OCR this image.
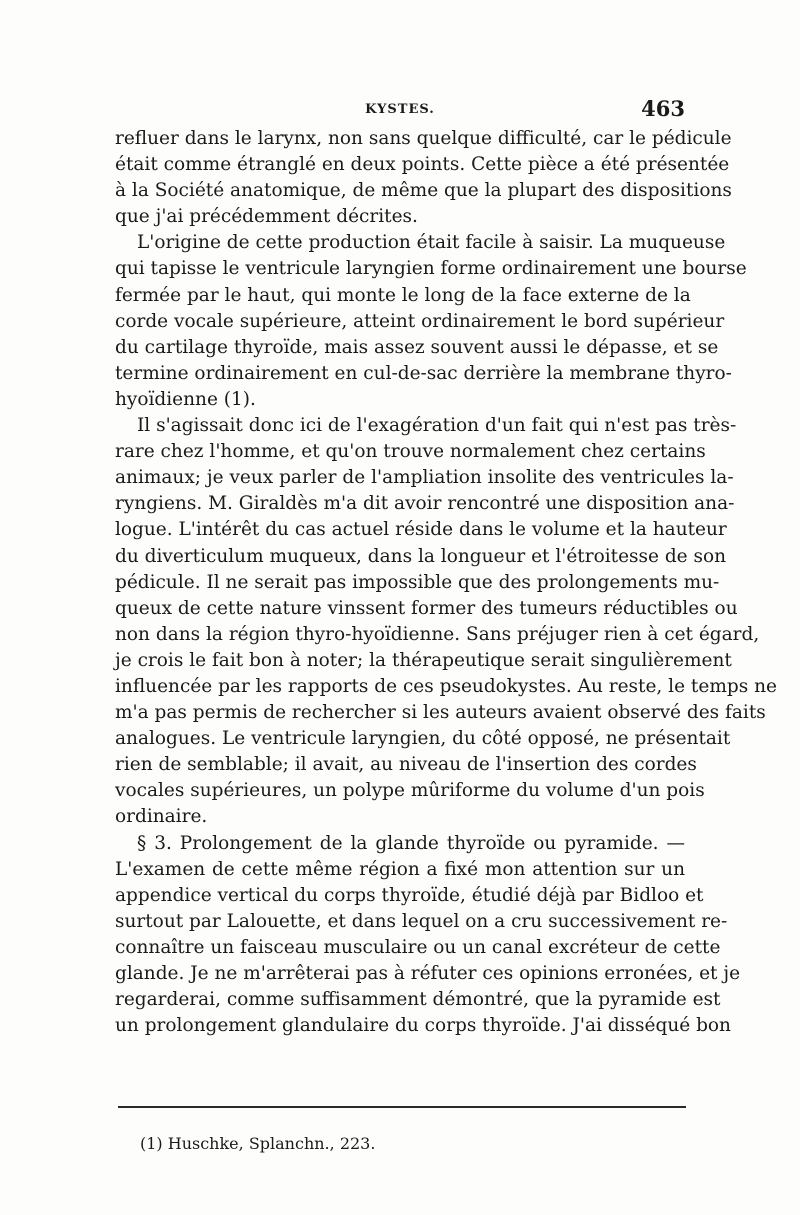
KYSTES.	463
refluer dans le larynx, non sans quelque difficulté, car le pédicule
était comme étranglé en deux points. Cette pièce a été présentée
à la Société anatomique, de même que la plupart des dispositions
que j'ai précédemment décrites.
L'origine de cette production était facile à saisir. La muqueuse
qui tapisse le ventricule laryngien forme ordinairement une bourse
fermée par le haut, qui monte le long de la face externe de la
corde vocale supérieure, atteint ordinairement le bord supérieur
du cartilage thyroïde, mais assez souvent aussi le dépasse, et se
termine ordinairement en cul-de-sac derrière la membrane thyro-
hyoïdienne (1).
Il s'agissait donc ici de l'exagération d'un fait qui n'est pas très-
rare chez l'homme, et qu'on trouve normalement chez certains
animaux; je veux parler de l'ampliation insolite des ventricules la-
ryngiens. M. Giraldès m'a dit avoir rencontré une disposition ana-
logue. L'intérêt du cas actuel réside dans le volume et la hauteur
du diverticulum muqueux, dans la longueur et l'étroitesse de son
pédicule. Il ne serait pas impossible que des prolongements mu-
queux de cette nature vinssent former des tumeurs réductibles ou
non dans la région thyro-hyoïdienne. Sans préjuger rien à cet égard,
je crois le fait bon à noter; la thérapeutique serait singulièrement
influencée par les rapports de ces pseudokystes. Au reste, le temps ne
m'a pas permis de rechercher si les auteurs avaient observé des faits
analogues. Le ventricule laryngien, du côté opposé, ne présentait
rien de semblable; il avait, au niveau de l'insertion des cordes
vocales supérieures, un polype mûriforme du volume d'un pois
ordinaire.
§ 3. Prolongement de la glande thyroïde ou pyramide. —
L'examen de cette même région a fixé mon attention sur un
appendice vertical du corps thyroïde, étudié déjà par Bidloo et
surtout par Lalouette, et dans lequel on a cru successivement re-
connaître un faisceau musculaire ou un canal excréteur de cette
glande. Je ne m'arrêterai pas à réfuter ces opinions erronées, et je
regarderai, comme suffisamment démontré, que la pyramide est
un prolongement glandulaire du corps thyroïde. J'ai disséqué bon
(1) Huschke, Splanchn., 223.
